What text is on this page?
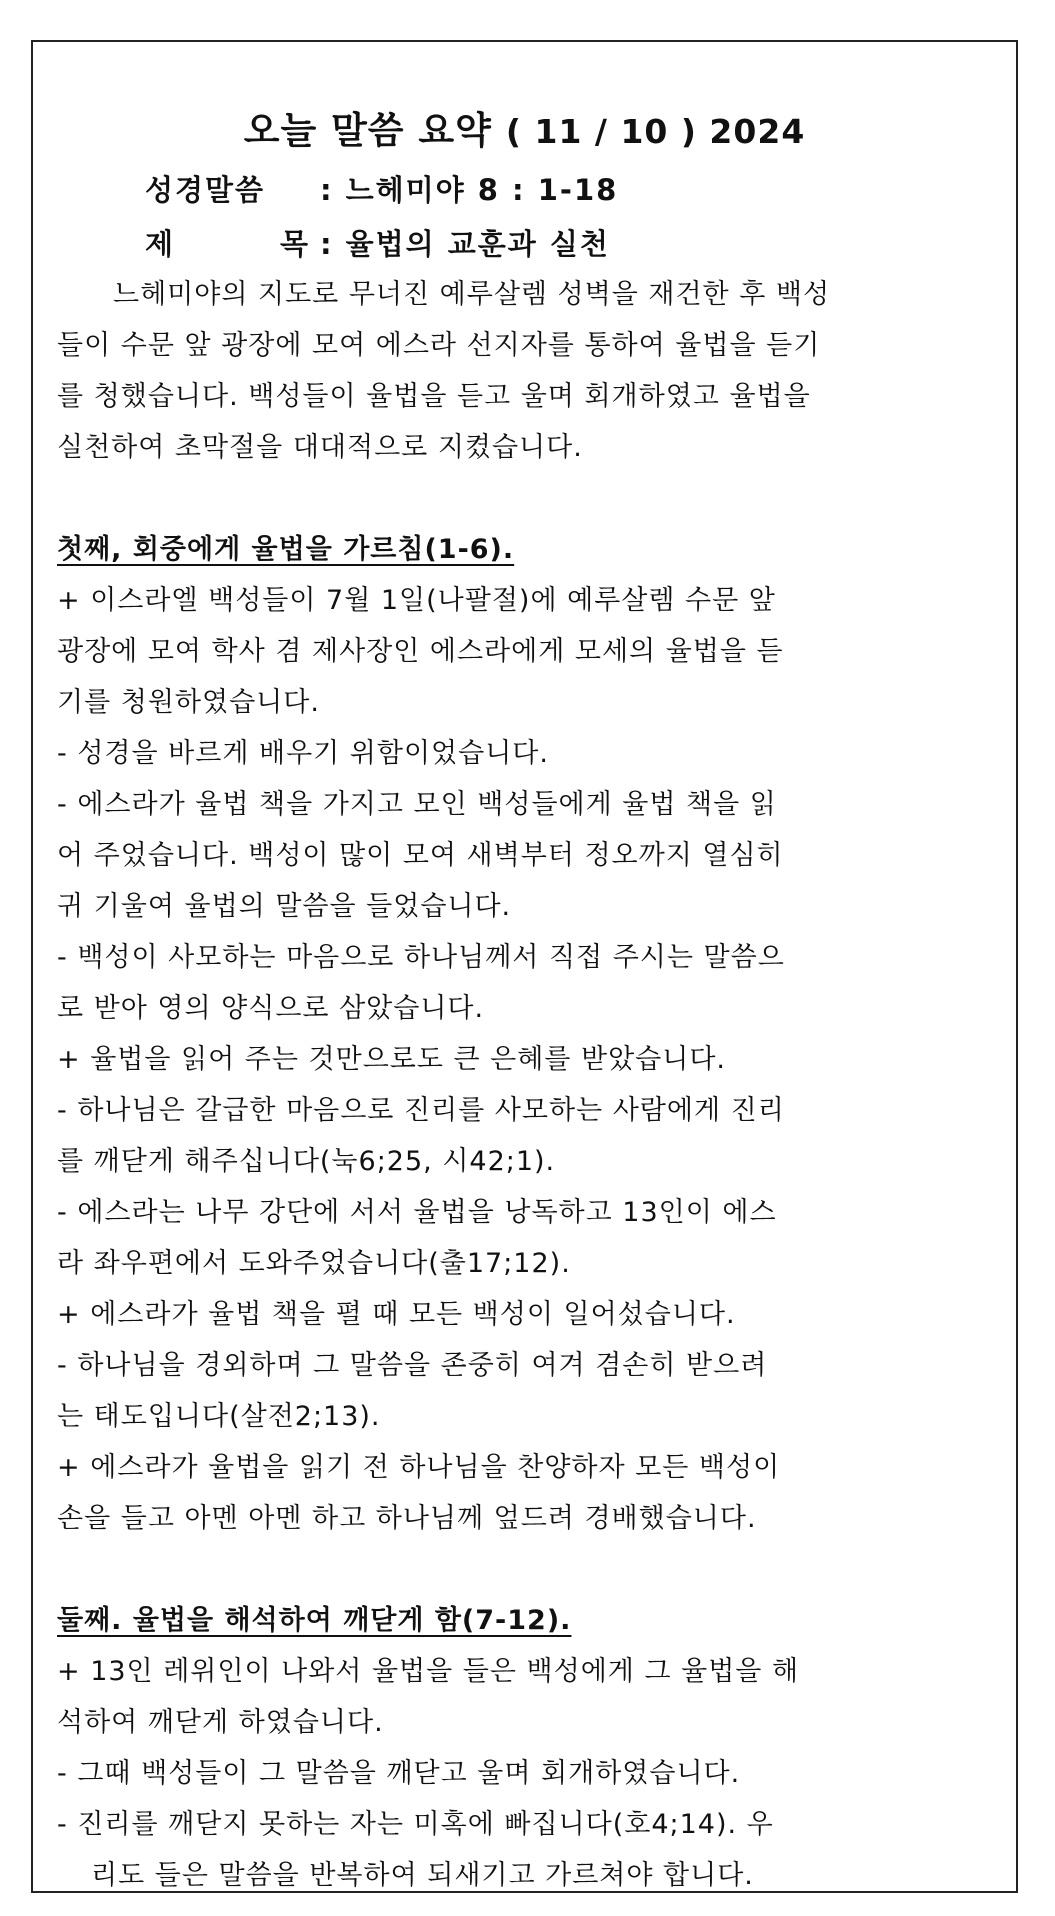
오늘 말씀 요약 ( 11 / 10 ) 2024
성경말씀 : 느헤미야 8 : 1-18
제 목 : 율법의 교훈과 실천
느헤미야의 지도로 무너진 예루살렘 성벽을 재건한 후 백성
들이 수문 앞 광장에 모여 에스라 선지자를 통하여 율법을 듣기
를 청했습니다. 백성들이 율법을 듣고 울며 회개하였고 율법을
실천하여 초막절을 대대적으로 지켰습니다.
첫째, 회중에게 율법을 가르침(1-6).
+ 이스라엘 백성들이 7월 1일(나팔절)에 예루살렘 수문 앞
광장에 모여 학사 겸 제사장인 에스라에게 모세의 율법을 듣
기를 청원하였습니다.
- 성경을 바르게 배우기 위함이었습니다.
- 에스라가 율법 책을 가지고 모인 백성들에게 율법 책을 읽
어 주었습니다. 백성이 많이 모여 새벽부터 정오까지 열심히
귀 기울여 율법의 말씀을 들었습니다.
- 백성이 사모하는 마음으로 하나님께서 직접 주시는 말씀으
로 받아 영의 양식으로 삼았습니다.
+ 율법을 읽어 주는 것만으로도 큰 은혜를 받았습니다.
- 하나님은 갈급한 마음으로 진리를 사모하는 사람에게 진리
를 깨닫게 해주십니다(눅6;25, 시42;1).
- 에스라는 나무 강단에 서서 율법을 낭독하고 13인이 에스
라 좌우편에서 도와주었습니다(출17;12).
+ 에스라가 율법 책을 펼 때 모든 백성이 일어섰습니다.
- 하나님을 경외하며 그 말씀을 존중히 여겨 겸손히 받으려
는 태도입니다(살전2;13).
+ 에스라가 율법을 읽기 전 하나님을 찬양하자 모든 백성이
손을 들고 아멘 아멘 하고 하나님께 엎드려 경배했습니다.
둘째. 율법을 해석하여 깨닫게 함(7-12).
+ 13인 레위인이 나와서 율법을 들은 백성에게 그 율법을 해
석하여 깨닫게 하였습니다.
- 그때 백성들이 그 말씀을 깨닫고 울며 회개하였습니다.
- 진리를 깨닫지 못하는 자는 미혹에 빠집니다(호4;14). 우
리도 들은 말씀을 반복하여 되새기고 가르쳐야 합니다.
